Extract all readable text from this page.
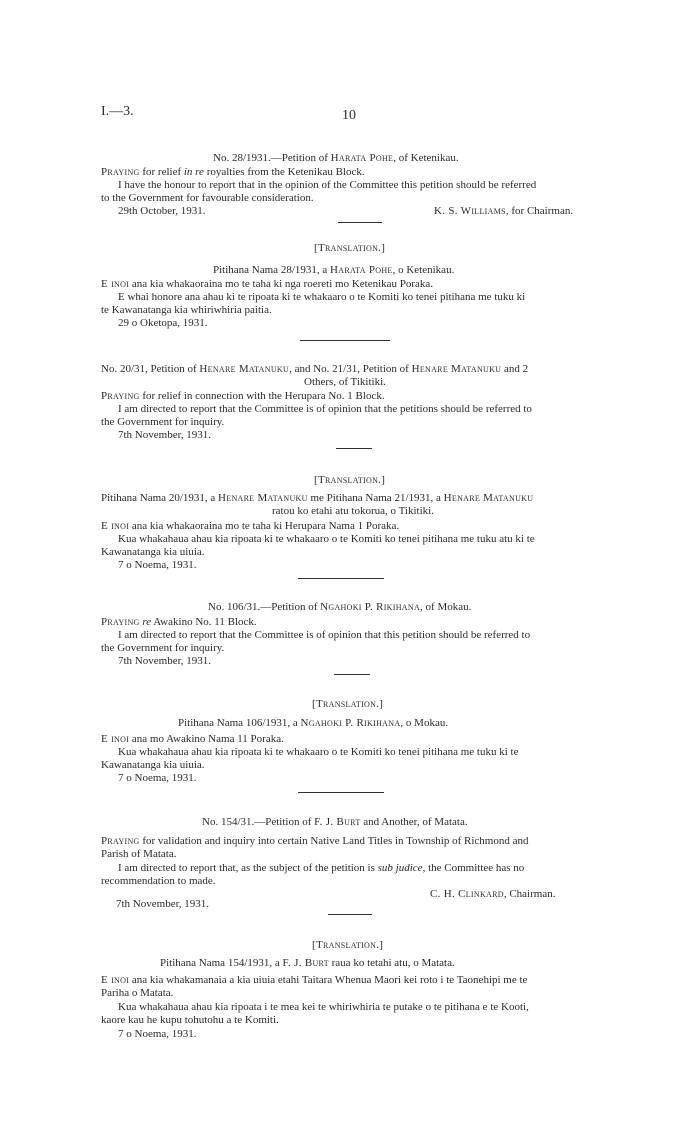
I.—3.	10
No. 28/1931.—Petition of Harata Pohe, of Ketenikau.
Praying for relief in re royalties from the Ketenikau Block.
I have the honour to report that in the opinion of the Committee this petition should be referred
to the Government for favourable consideration.
29th October, 1931.	K. S. Williams, for Chairman.
[Translation.]
Pitihana Nama 28/1931, a Harata Pohe, o Ketenikau.
E inoi ana kia whakaoraina mo te taha ki nga roereti mo Ketenikau Poraka.
E whai honore ana ahau ki te ripoata ki te whakaaro o te Komiti ko tenei pitihana me tuku ki
te Kawanatanga kia whiriwhiria paitia.
29 o Oketopa, 1931.
No. 20/31, Petition of Henare Matanuku, and No. 21/31, Petition of Henare Matanuku and 2
Others, of Tikitiki.
Praying for relief in connection with the Herupara No. 1 Block.
I am directed to report that the Committee is of opinion that the petitions should be referred to
the Government for inquiry.
7th November, 1931.
[Translation.]
Pitihana Nama 20/1931, a Henare Matanuku me Pitihana Nama 21/1931, a Henare Matanuku
ratou ko etahi atu tokorua, o Tikitiki.
E inoi ana kia whakaoraina mo te taha ki Herupara Nama 1 Poraka.
Kua whakahaua ahau kia ripoata ki te whakaaro o te Komiti ko tenei pitihana me tuku atu ki te
Kawanatanga kia uiuia.
7 o Noema, 1931.
No. 106/31.—Petition of Ngahoki P. Rikihana, of Mokau.
Praying re Awakino No. 11 Block.
I am directed to report that the Committee is of opinion that this petition should be referred to
the Government for inquiry.
7th November, 1931.
[Translation.]
Pitihana Nama 106/1931, a Ngahoki P. Rikihana, o Mokau.
E inoi ana mo Awakino Nama 11 Poraka.
Kua whakahaua ahau kia ripoata ki te whakaaro o te Komiti ko tenei pitihana me tuku ki te
Kawanatanga kia uiuia.
7 o Noema, 1931.
No. 154/31.—Petition of F. J. Burt and Another, of Matata.
Praying for validation and inquiry into certain Native Land Titles in Township of Richmond and
Parish of Matata.
I am directed to report that, as the subject of the petition is sub judice, the Committee has no
recommendation to made.
C. H. Clinkard, Chairman.
7th November, 1931.
[Translation.]
Pitihana Nama 154/1931, a F. J. Burt raua ko tetahi atu, o Matata.
E inoi ana kia whakamanaia a kia uiuia etahi Taitara Whenua Maori kei roto i te Taonehipi me te
Pariha o Matata.
Kua whakahaua ahau kia ripoata i te mea kei te whiriwhiria te putake o te pitihana e te Kooti,
kaore kau he kupu tohutohu a te Komiti.
7 o Noema, 1931.
